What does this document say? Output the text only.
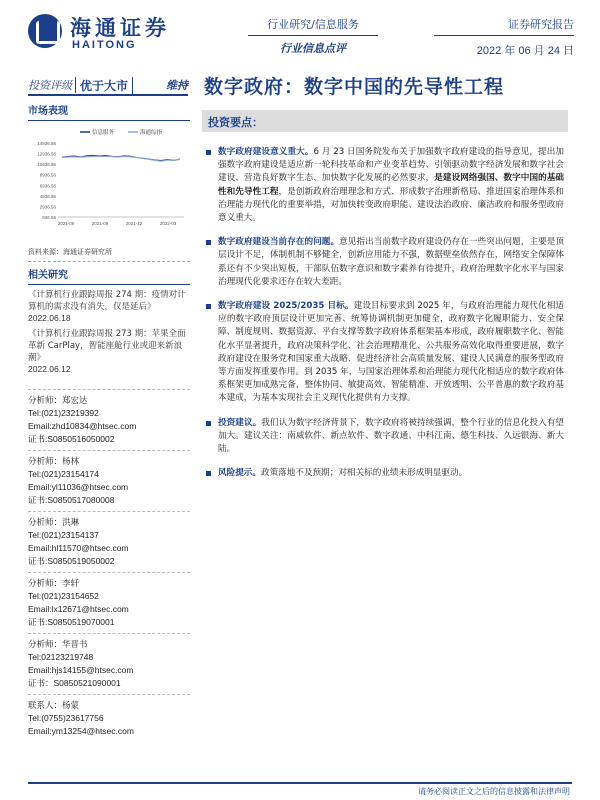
海通证券
HAITONG
行业研究/信息服务
行业信息点评
证券研究报告
2022 年 06 月 24 日
投资评级 优于大市	维持 数字政府：数字中国的先导性工程
市场表现
信息服务	海通综指
14936.56
12936.56
10936.56
8936.56
6936.56
4936.56
2936.56
936.56
2021-06	2021-09	2021-12	2022-03
资料来源：海通证券研究所
相关研究
《计算机行业跟踪周报 274 期：疫情对计算机的需求没有消失，仅是延后》
2022.06.18
《计算机行业跟踪周报 273 期：苹果全面革新 CarPlay，智能座舱行业或迎来新浪潮》
2022.06.12
分析师：郑宏达
Tel:(021)23219392
Email:zhd10834@htsec.com
证书:S0850516050002
分析师：杨林
Tel:(021)23154174
Email:yl11036@htsec.com
证书:S0850517080008
分析师：洪琳
Tel:(021)23154137
Email:hl11570@htsec.com
证书:S0850519050002
分析师：李轩
Tel:(021)23154652
Email:lx12671@htsec.com
证书:S0850519070001
分析师：华晋书
Tel:02123219748
Email:hjs14155@htsec.com
证书：S0850521090001
联系人：杨蒙
Tel:(0755)23617756
Email:ym13254@htsec.com
投资要点：
数字政府建设意义重大。6 月 23 日国务院发布关于加强数字政府建设的指导意见，提出加强数字政府建设是适应新一轮科技革命和产业变革趋势、引领驱动数字经济发展和数字社会建设、营造良好数字生态、加快数字化发展的必然要求，是建设网络强国、数字中国的基础性和先导性工程，是创新政府治理理念和方式、形成数字治理新格局、推进国家治理体系和治理能力现代化的重要举措，对加快转变政府职能、建设法治政府、廉洁政府和服务型政府意义重大。
数字政府建设当前存在的问题。意见指出当前数字政府建设仍存在一些突出问题，主要是顶层设计不足，体制机制不够健全，创新应用能力不强，数据壁垒依然存在，网络安全保障体系还有不少突出短板，干部队伍数字意识和数字素养有待提升，政府治理数字化水平与国家治理现代化要求还存在较大差距。
数字政府建设 2025/2035 目标。建设目标要求到 2025 年，与政府治理能力现代化相适应的数字政府顶层设计更加完善、统筹协调机制更加健全，政府数字化履职能力、安全保障、制度规则、数据资源、平台支撑等数字政府体系框架基本形成，政府履职数字化、智能化水平显著提升，政府决策科学化、社会治理精准化、公共服务高效化取得重要进展，数字政府建设在服务党和国家重大战略、促进经济社会高质量发展、建设人民满意的服务型政府等方面发挥重要作用。到 2035 年，与国家治理体系和治理能力现代化相适应的数字政府体系框架更加成熟完备，整体协同、敏捷高效、智能精准、开放透明、公平普惠的数字政府基本建成，为基本实现社会主义现代化提供有力支撑。
投资建议。我们认为数字经济背景下，数字政府将被持续强调，整个行业的信息化投入有望加大。建议关注：南威软件、新点软件、数字政通、中科江南、德生科技、久远银海、新大陆。
风险提示。政策落地不及预期；对相关标的业绩未形成明显驱动。
请务必阅读正文之后的信息披露和法律声明
